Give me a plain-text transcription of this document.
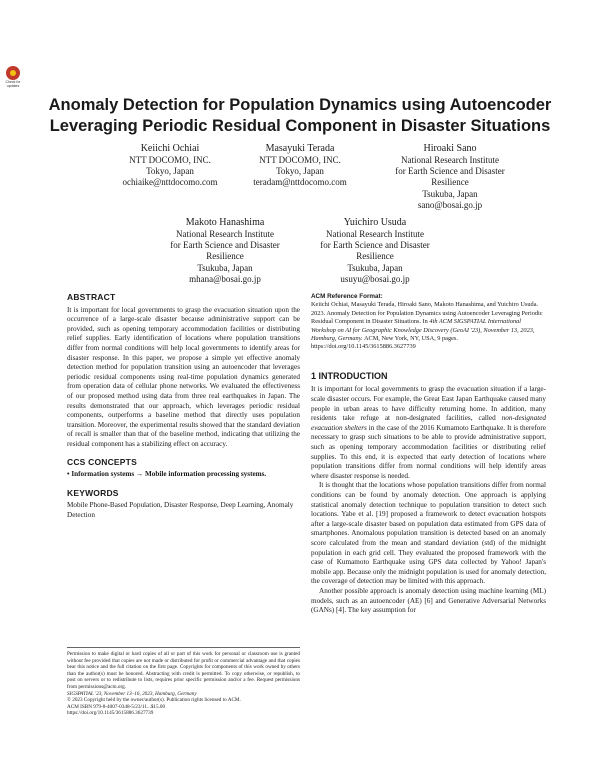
Check for updates
Anomaly Detection for Population Dynamics using Autoencoder
Leveraging Periodic Residual Component in Disaster Situations
Keiichi Ochiai
NTT DOCOMO, INC.
Tokyo, Japan
ochiaike@nttdocomo.com
Masayuki Terada
NTT DOCOMO, INC.
Tokyo, Japan
teradam@nttdocomo.com
Hiroaki Sano
National Research Institute
for Earth Science and Disaster
Resilience
Tsukuba, Japan
sano@bosai.go.jp
Makoto Hanashima
National Research Institute
for Earth Science and Disaster
Resilience
Tsukuba, Japan
mhana@bosai.go.jp
Yuichiro Usuda
National Research Institute
for Earth Science and Disaster
Resilience
Tsukuba, Japan
usuyu@bosai.go.jp
ABSTRACT
It is important for local governments to grasp the evacuation situation upon the occurrence of a large-scale disaster because administrative support can be provided, such as opening temporary accommodation facilities or distributing relief supplies. Early identification of locations where population transitions differ from normal conditions will help local governments to identify areas for disaster response. In this paper, we propose a simple yet effective anomaly detection method for population transition using an autoencoder that leverages periodic residual components using real-time population dynamics generated from operation data of cellular phone networks. We evaluated the effectiveness of our proposed method using data from three real earthquakes in Japan. The results demonstrated that our approach, which leverages periodic residual components, outperforms a baseline method that directly uses population transition. Moreover, the experimental results showed that the standard deviation of recall is smaller than that of the baseline method, indicating that utilizing the residual component has a stabilizing effect on accuracy.
CCS CONCEPTS
• Information systems → Mobile information processing systems.
KEYWORDS
Mobile Phone-Based Population, Disaster Response, Deep Learning, Anomaly Detection
Permission to make digital or hard copies of all or part of this work for personal or classroom use is granted without fee provided that copies are not made or distributed for profit or commercial advantage and that copies bear this notice and the full citation on the first page. Copyrights for components of this work owned by others than the author(s) must be honored. Abstracting with credit is permitted. To copy otherwise, or republish, to post on servers or to redistribute to lists, requires prior specific permission and/or a fee. Request permissions from permissions@acm.org.
SIGSPATIAL '23, November 13–16, 2023, Hamburg, Germany
© 2023 Copyright held by the owner/author(s). Publication rights licensed to ACM.
ACM ISBN 979-8-4007-0348-5/23/11...$15.00
https://doi.org/10.1145/3615886.3627739
ACM Reference Format:
Keiichi Ochiai, Masayuki Terada, Hiroaki Sano, Makoto Hanashima, and Yuichiro Usuda. 2023. Anomaly Detection for Population Dynamics using Autoencoder Leveraging Periodic Residual Component in Disaster Situations. In 4th ACM SIGSPATIAL International Workshop on AI for Geographic Knowledge Discovery (GeoAI '23), November 13, 2023, Hamburg, Germany. ACM, New York, NY, USA, 9 pages. https://doi.org/10.1145/3615886.3627739
1 INTRODUCTION
It is important for local governments to grasp the evacuation situation if a large-scale disaster occurs. For example, the Great East Japan Earthquake caused many people in urban areas to have difficulty returning home. In addition, many residents take refuge at non-designated facilities, called non-designated evacuation shelters in the case of the 2016 Kumamoto Earthquake. It is therefore necessary to grasp such situations to be able to provide administrative support, such as opening temporary accommodation facilities or distributing relief supplies. To this end, it is expected that early detection of locations where population transitions differ from normal conditions will help identify areas where disaster response is needed.
It is thought that the locations whose population transitions differ from normal conditions can be found by anomaly detection. One approach is applying statistical anomaly detection technique to population transition to detect such locations. Yabe et al. [19] proposed a framework to detect evacuation hotspots after a large-scale disaster based on population data estimated from GPS data of smartphones. Anomalous population transition is detected based on an anomaly score calculated from the mean and standard deviation (std) of the midnight population in each grid cell. They evaluated the proposed framework with the case of Kumamoto Earthquake using GPS data collected by Yahoo! Japan's mobile app. Because only the midnight population is used for anomaly detection, the coverage of detection may be limited with this approach.
Another possible approach is anomaly detection using machine learning (ML) models, such as an autoencoder (AE) [6] and Generative Adversarial Networks (GANs) [4]. The key assumption for
